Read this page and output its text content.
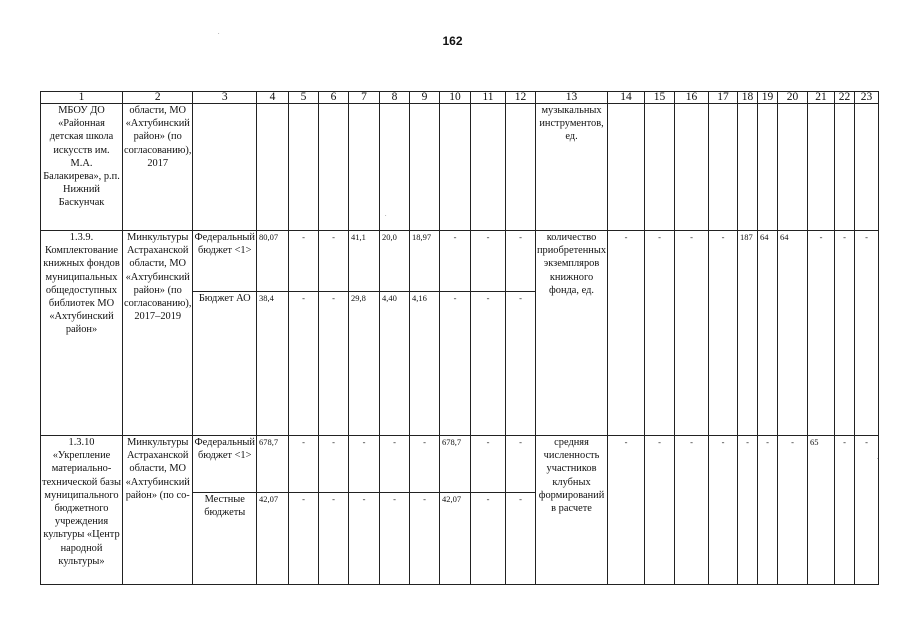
162
.
.
.
1	2	3	4	5	6	7	8	9	10	11	12	13	14	15	16	17	18	19	20	21	22	23
МБОУ ДО «Районная детская школа искусств им. М.А. Балакирева», р.п. Нижний Баскунчак	области, МО «Ахтубинский район» (по согласованию), 2017											музыкальных инструментов, ед.										
1.3.9. Комплектование книжных фондов муниципальных общедоступных библиотек МО «Ахтубинский район»	Минкультуры Астраханской области, МО «Ахтубинский район» (по согласованию), 2017–2019	Федеральный бюджет <1>	80,07	-	-	41,1	20,0	18,97	-	-	-	количество приобретенных экземпляров книжного фонда, ед.	-	-	-	-	187	64	64	-	-	-
		Бюджет АО	38,4	-	-	29,8	4,40	4,16	-	-	-											
1.3.10 «Укрепление материально-технической базы муниципального бюджетного учреждения культуры «Центр народной культуры»	Минкультуры Астраханской области, МО «Ахтубинский район» (по со-	Федеральный бюджет <1>	678,7	-	-	-	-	-	678,7	-	-	средняя численность участников клубных формирований в расчете	-	-	-	-	-	-	-	65	-	-
		Местные бюджеты	42,07	-	-	-	-	-	42,07	-	-											
